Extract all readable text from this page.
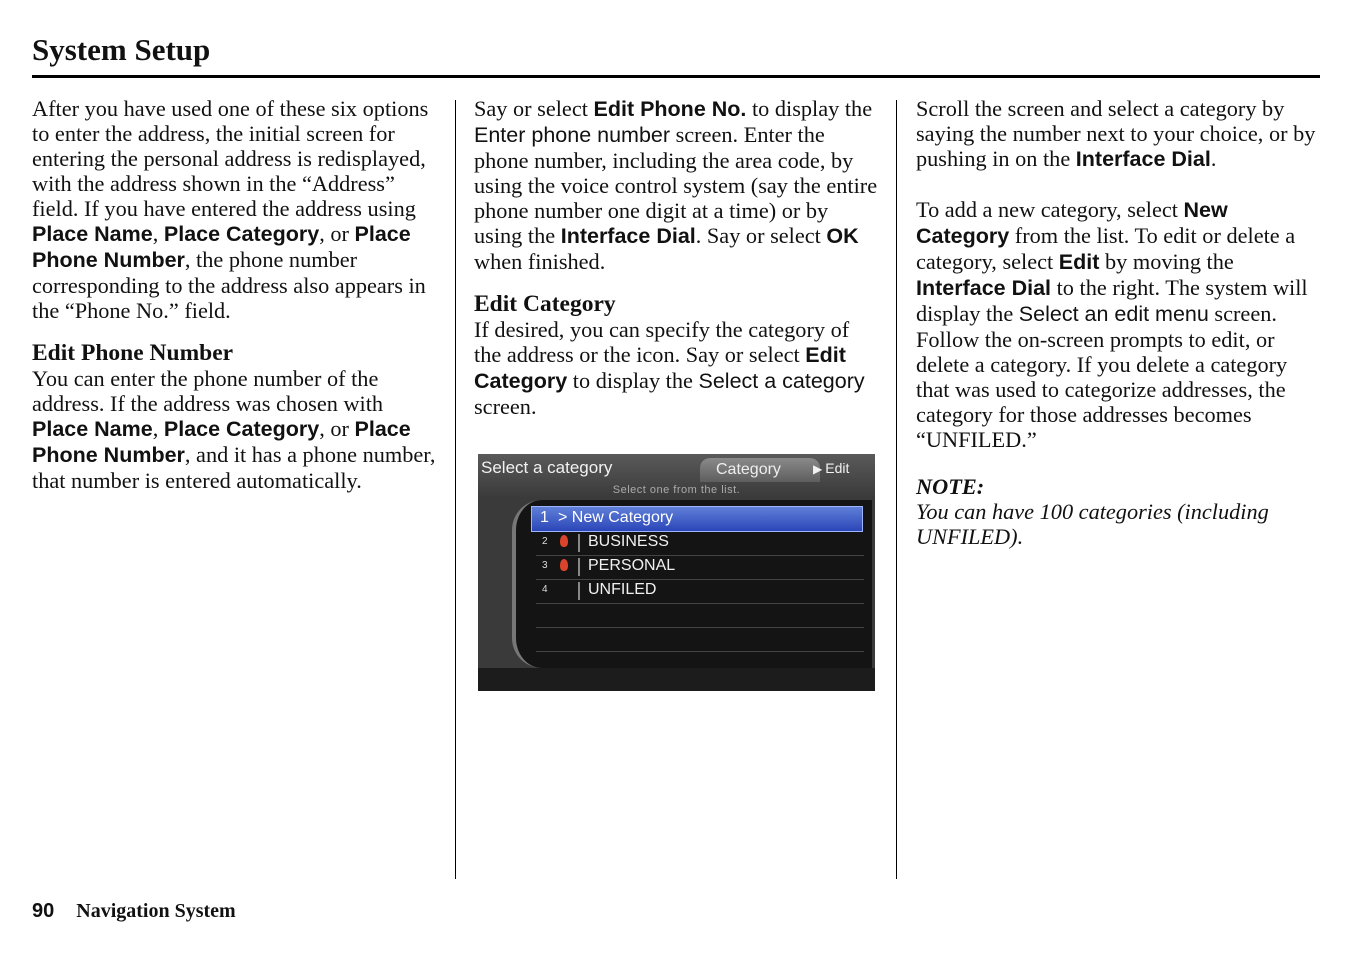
System Setup
After you have used one of these six options to enter the address, the initial screen for entering the personal address is redisplayed, with the address shown in the “Address” field. If you have entered the address using Place Name, Place Category, or Place Phone Number, the phone number corresponding to the address also appears in the “Phone No.” field.
Edit Phone Number
You can enter the phone number of the address. If the address was chosen with Place Name, Place Category, or Place Phone Number, and it has a phone number, that number is entered automatically.
Say or select Edit Phone No. to display the Enter phone number screen. Enter the phone number, including the area code, by using the voice control system (say the entire phone number one digit at a time) or by using the Interface Dial. Say or select OK when finished.
Edit Category
If desired, you can specify the category of the address or the icon. Say or select Edit Category to display the Select a category screen.
Select a category	Category	▶ Edit
Select one from the list.
1 > New Category
2	BUSINESS
3	PERSONAL
4	UNFILED
Scroll the screen and select a category by saying the number next to your choice, or by pushing in on the Interface Dial.
To add a new category, select New Category from the list. To edit or delete a category, select Edit by moving the Interface Dial to the right. The system will display the Select an edit menu screen. Follow the on-screen prompts to edit, or delete a category. If you delete a category that was used to categorize addresses, the category for those addresses becomes “UNFILED.”
NOTE:
You can have 100 categories (including UNFILED).
90 Navigation System
